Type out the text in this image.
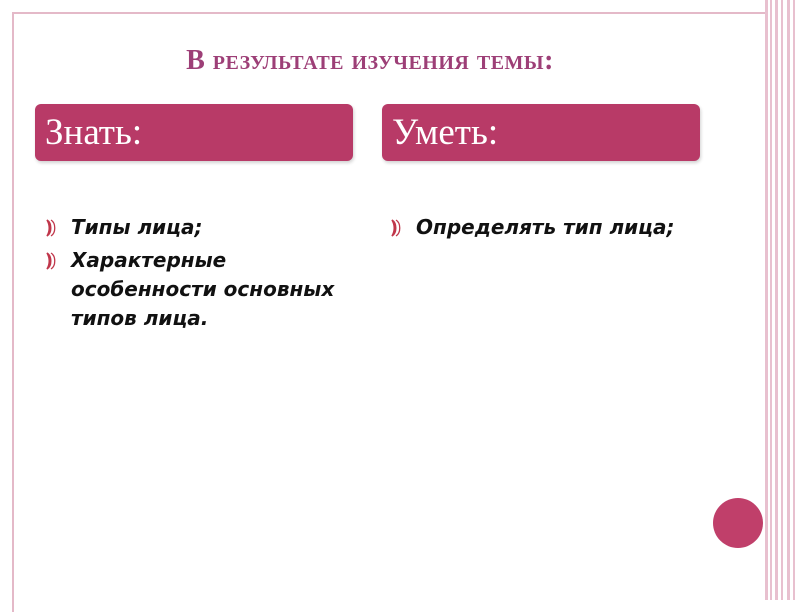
В результате изучения темы:
Знать:	Уметь:
Типы лица;
Характерные особенности основных типов лица.
Определять тип лица;
